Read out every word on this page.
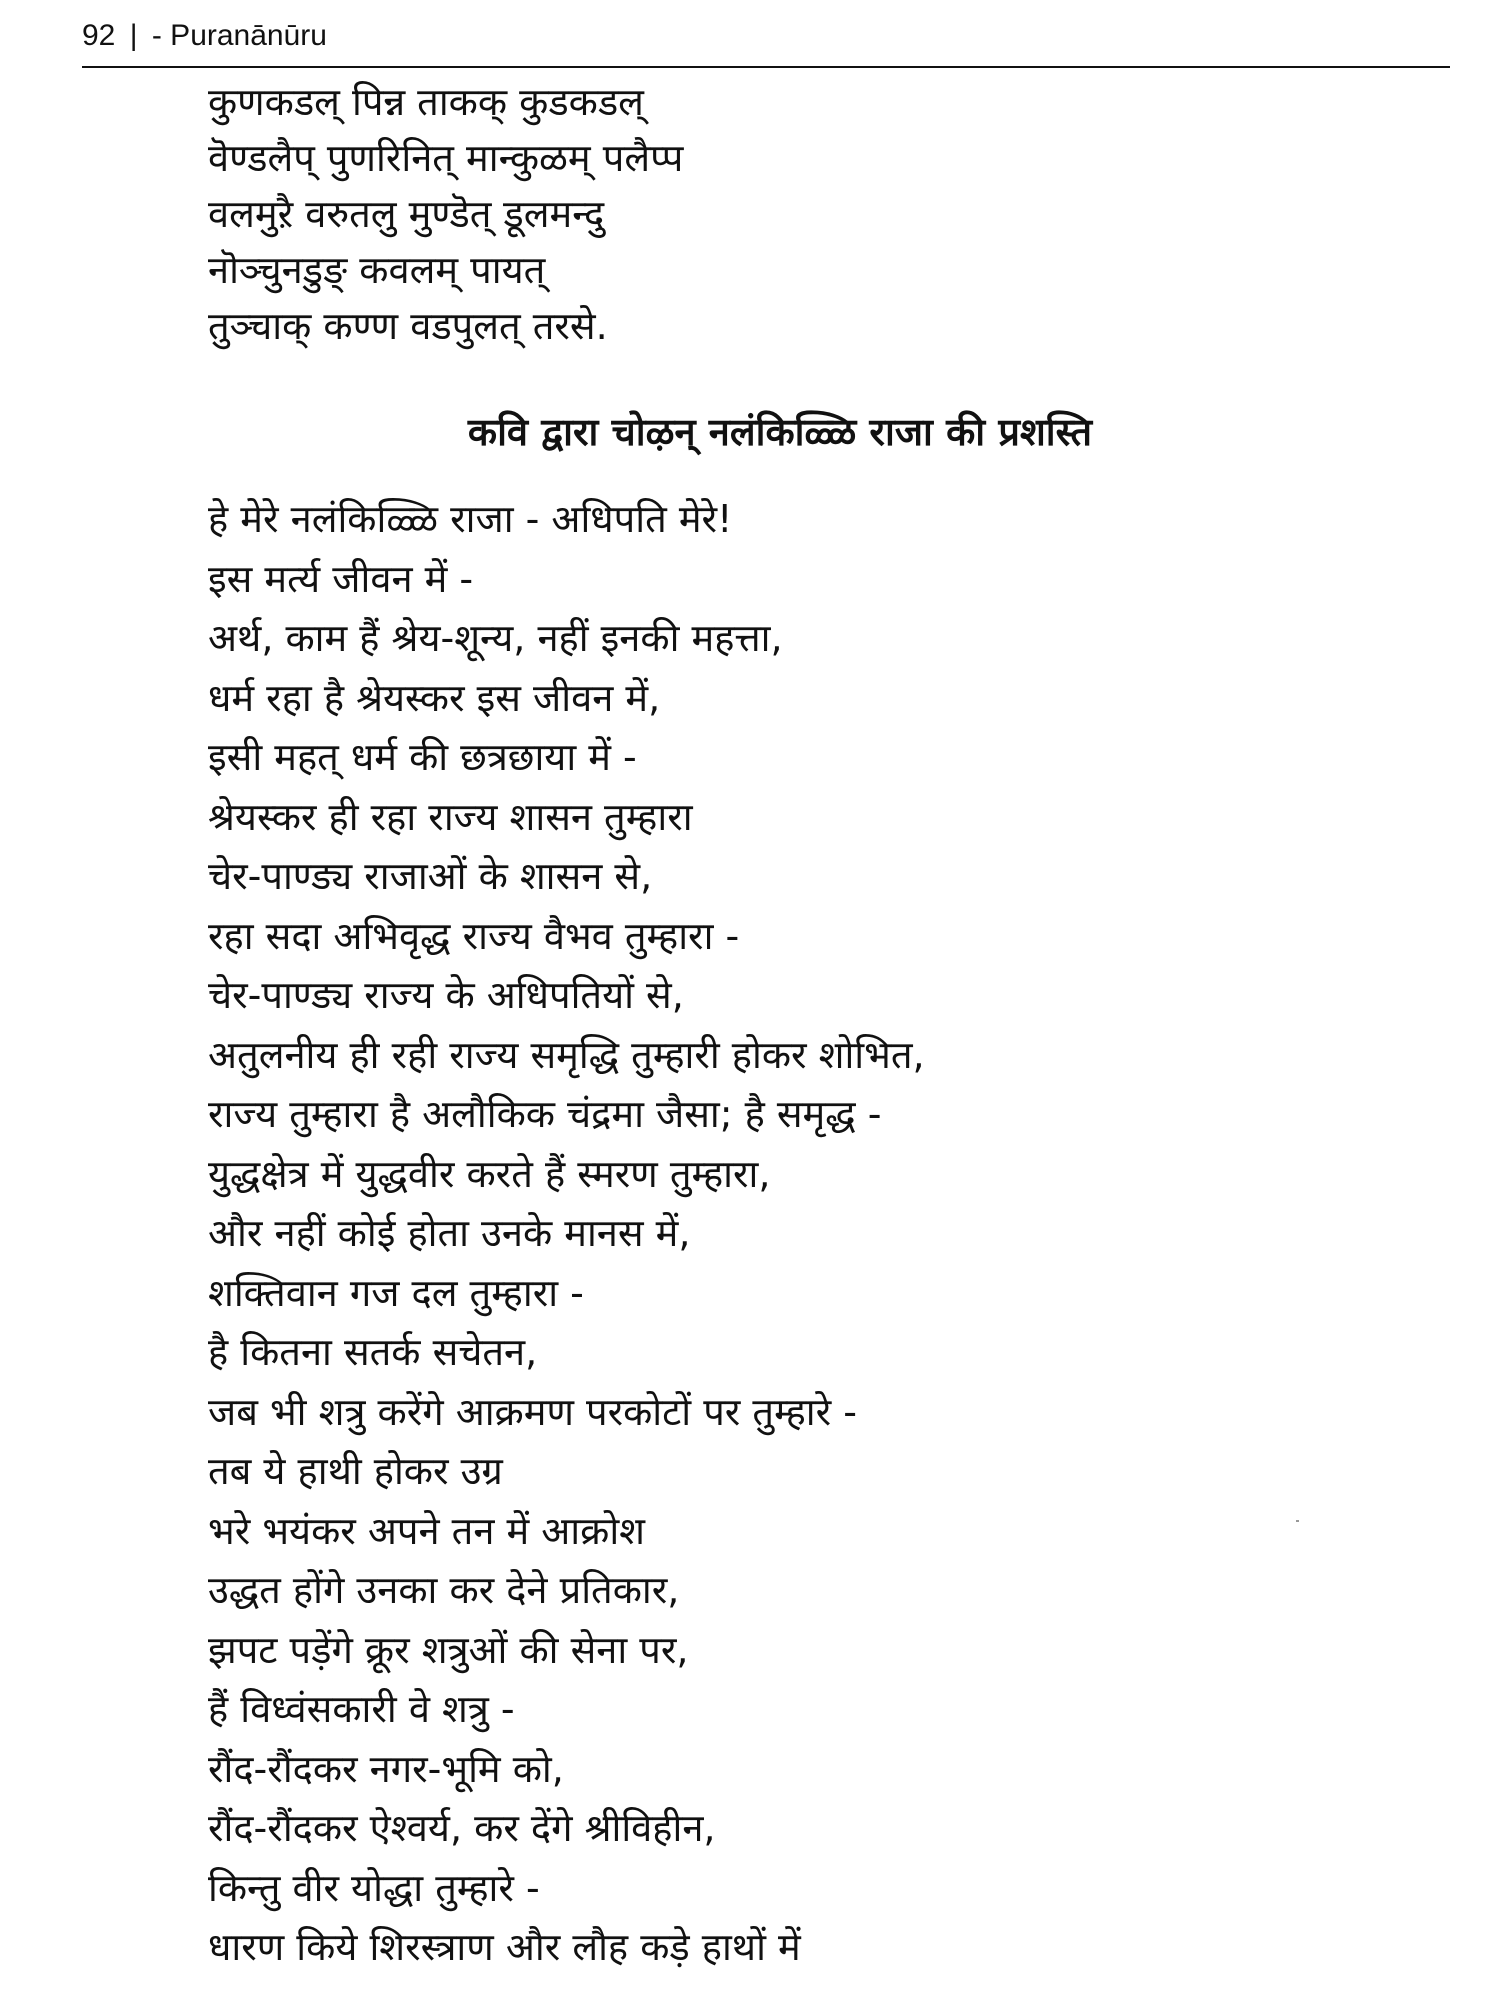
92 | - Puranānūru
कुणकडल् पिन्न ताकक् कुडकडल्
वॆण्डलैप् पुणरिनित् मान्कुळम् पलैप्प
वलमुऱै वरुतलु मुण्डॆत् डूलमन्दु
नॊञ्चुनडुङ् कवलम् पायत्
तुञ्चाक् कण्ण वडपुलत् तरसे.
कवि द्वारा चोऴन् नलंकिळ्ळि राजा की प्रशस्ति
हे मेरे नलंकिळ्ळि राजा - अधिपति मेरे!
इस मर्त्य जीवन में -
अर्थ, काम हैं श्रेय-शून्य, नहीं इनकी महत्ता,
धर्म रहा है श्रेयस्कर इस जीवन में,
इसी महत् धर्म की छत्रछाया में -
श्रेयस्कर ही रहा राज्य शासन तुम्हारा
चेर-पाण्ड्य राजाओं के शासन से,
रहा सदा अभिवृद्ध राज्य वैभव तुम्हारा -
चेर-पाण्ड्य राज्य के अधिपतियों से,
अतुलनीय ही रही राज्य समृद्धि तुम्हारी होकर शोभित,
राज्य तुम्हारा है अलौकिक चंद्रमा जैसा; है समृद्ध -
युद्धक्षेत्र में युद्धवीर करते हैं स्मरण तुम्हारा,
और नहीं कोई होता उनके मानस में,
शक्तिवान गज दल तुम्हारा -
है कितना सतर्क सचेतन,
जब भी शत्रु करेंगे आक्रमण परकोटों पर तुम्हारे -
तब ये हाथी होकर उग्र
भरे भयंकर अपने तन में आक्रोश
उद्धत होंगे उनका कर देने प्रतिकार,
झपट पड़ेंगे क्रूर शत्रुओं की सेना पर,
हैं विध्वंसकारी वे शत्रु -
रौंद-रौंदकर नगर-भूमि को,
रौंद-रौंदकर ऐश्वर्य, कर देंगे श्रीविहीन,
किन्तु वीर योद्धा तुम्हारे -
धारण किये शिरस्त्राण और लौह कड़े हाथों में
